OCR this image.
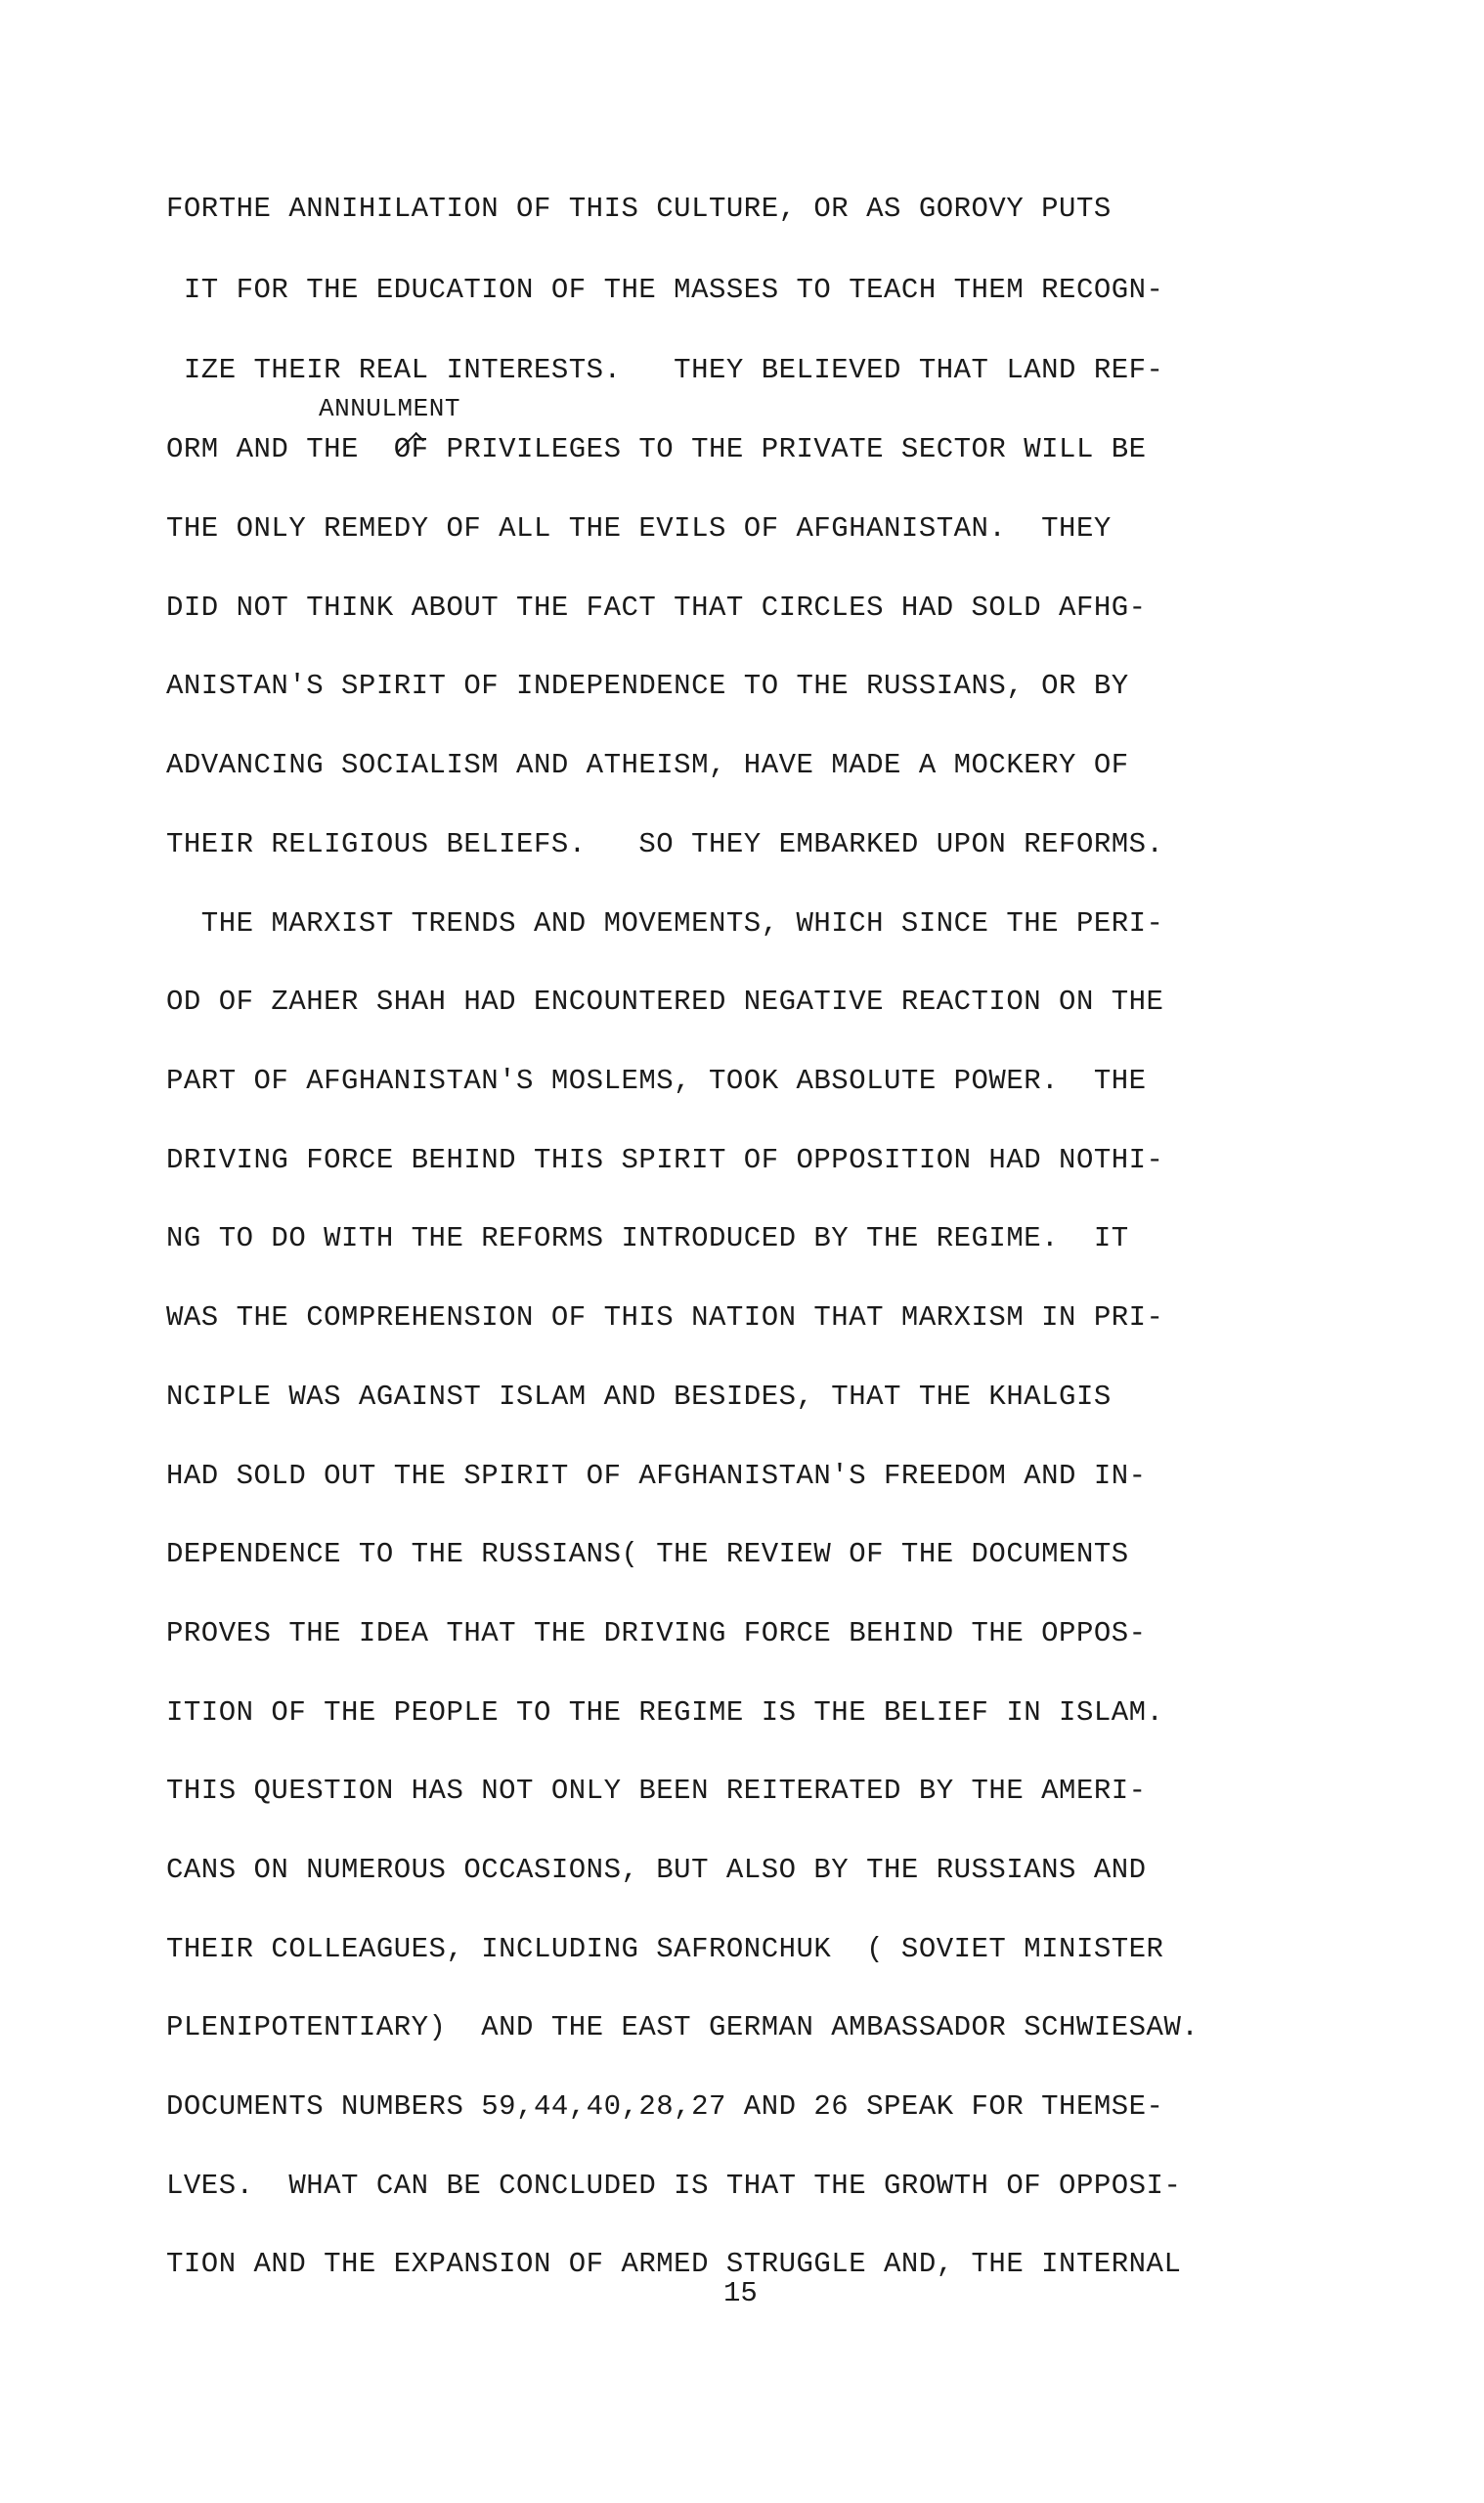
FORTHE ANNIHILATION OF THIS CULTURE, OR AS GOROVY PUTS
IT FOR THE EDUCATION OF THE MASSES TO TEACH THEM RECOGN-
IZE THEIR REAL INTERESTS.   THEY BELIEVED THAT LAND REF-
ANNULMENT
ORM AND THE  OF PRIVILEGES TO THE PRIVATE SECTOR WILL BE
THE ONLY REMEDY OF ALL THE EVILS OF AFGHANISTAN.  THEY
DID NOT THINK ABOUT THE FACT THAT CIRCLES HAD SOLD AFHG-
ANISTAN'S SPIRIT OF INDEPENDENCE TO THE RUSSIANS, OR BY
ADVANCING SOCIALISM AND ATHEISM, HAVE MADE A MOCKERY OF
THEIR RELIGIOUS BELIEFS.   SO THEY EMBARKED UPON REFORMS.
THE MARXIST TRENDS AND MOVEMENTS, WHICH SINCE THE PERI-
OD OF ZAHER SHAH HAD ENCOUNTERED NEGATIVE REACTION ON THE
PART OF AFGHANISTAN'S MOSLEMS, TOOK ABSOLUTE POWER.  THE
DRIVING FORCE BEHIND THIS SPIRIT OF OPPOSITION HAD NOTHI-
NG TO DO WITH THE REFORMS INTRODUCED BY THE REGIME.  IT
WAS THE COMPREHENSION OF THIS NATION THAT MARXISM IN PRI-
NCIPLE WAS AGAINST ISLAM AND BESIDES, THAT THE KHALGIS
HAD SOLD OUT THE SPIRIT OF AFGHANISTAN'S FREEDOM AND IN-
DEPENDENCE TO THE RUSSIANS( THE REVIEW OF THE DOCUMENTS
PROVES THE IDEA THAT THE DRIVING FORCE BEHIND THE OPPOS-
ITION OF THE PEOPLE TO THE REGIME IS THE BELIEF IN ISLAM.
THIS QUESTION HAS NOT ONLY BEEN REITERATED BY THE AMERI-
CANS ON NUMEROUS OCCASIONS, BUT ALSO BY THE RUSSIANS AND
THEIR COLLEAGUES, INCLUDING SAFRONCHUK  ( SOVIET MINISTER
PLENIPOTENTIARY)  AND THE EAST GERMAN AMBASSADOR SCHWIESAW.
DOCUMENTS NUMBERS 59,44,40,28,27 AND 26 SPEAK FOR THEMSE-
LVES.  WHAT CAN BE CONCLUDED IS THAT THE GROWTH OF OPPOSI-
TION AND THE EXPANSION OF ARMED STRUGGLE AND, THE INTERNAL
15
